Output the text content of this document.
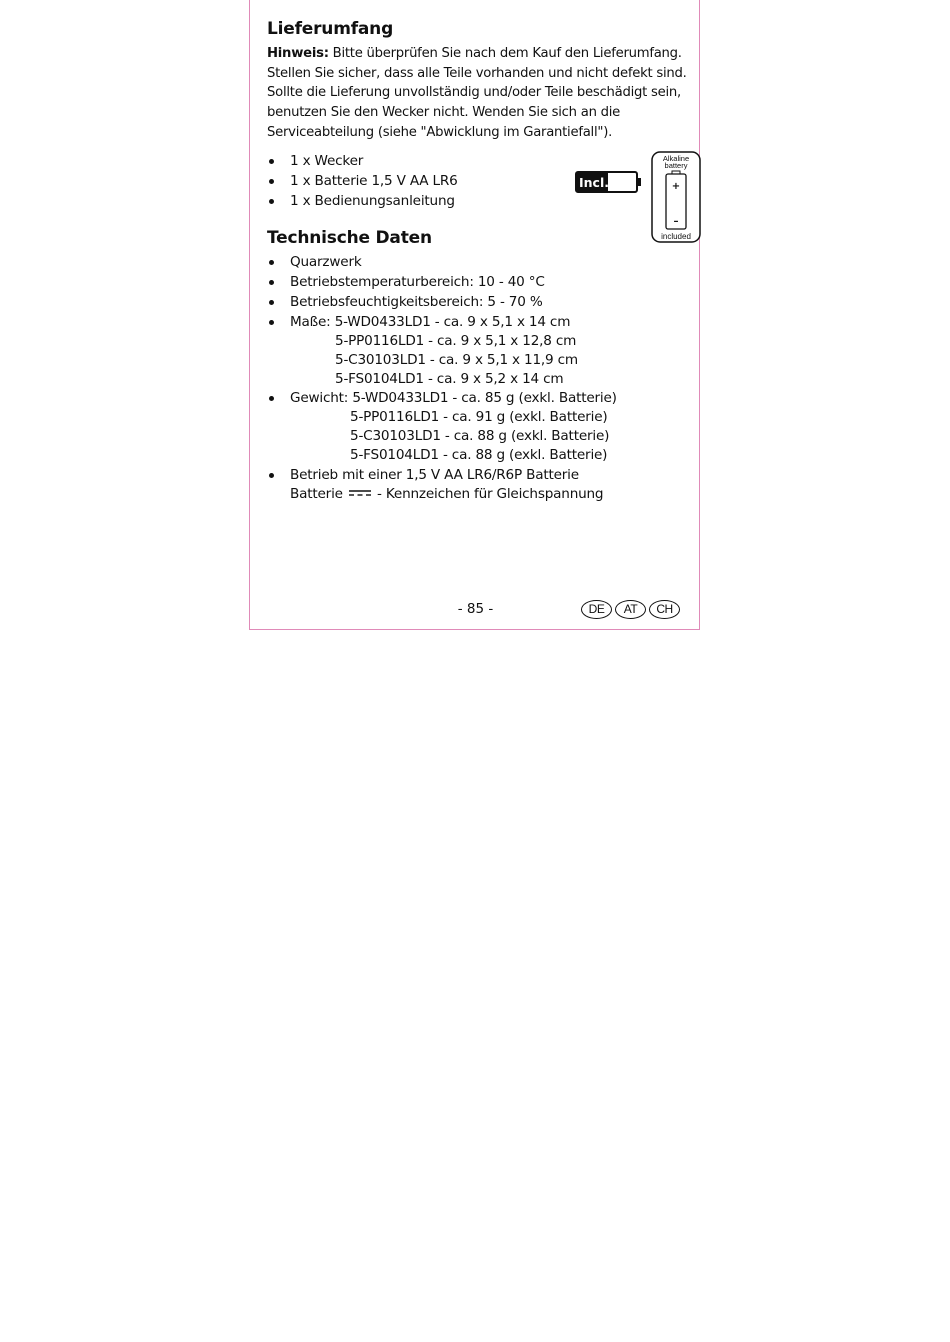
Lieferumfang

Hinweis: Bitte überprüfen Sie nach dem Kauf den Lieferumfang. Stellen Sie sicher, dass alle Teile vorhanden und nicht defekt sind. Sollte die Lieferung unvollständig und/oder Teile beschädigt sein, benutzen Sie den Wecker nicht. Wenden Sie sich an die Serviceabteilung (siehe "Abwicklung im Garantiefall").

1 x Wecker
1 x Batterie 1,5 V AA LR6
1 x Bedienungsanleitung
Incl.
Alkaline
battery
+
–
included
Technische Daten
Quarzwerk
Betriebstemperaturbereich: 10 - 40 °C
Betriebsfeuchtigkeitsbereich: 5 - 70 %
Maße: 5-WD0433LD1 - ca. 9 x 5,1 x 14 cm
5-PP0116LD1 - ca. 9 x 5,1 x 12,8 cm
5-C30103LD1 - ca. 9 x 5,1 x 11,9 cm
5-FS0104LD1 - ca. 9 x 5,2 x 14 cm
Gewicht: 5-WD0433LD1 - ca. 85 g (exkl. Batterie)
5-PP0116LD1 - ca. 91 g (exkl. Batterie)
5-C30103LD1 - ca. 88 g (exkl. Batterie)
5-FS0104LD1 - ca. 88 g (exkl. Batterie)
Betrieb mit einer 1,5 V AA LR6/R6P Batterie
Batterie  - Kennzeichen für Gleichspannung
- 85 -	DE	AT	CH
